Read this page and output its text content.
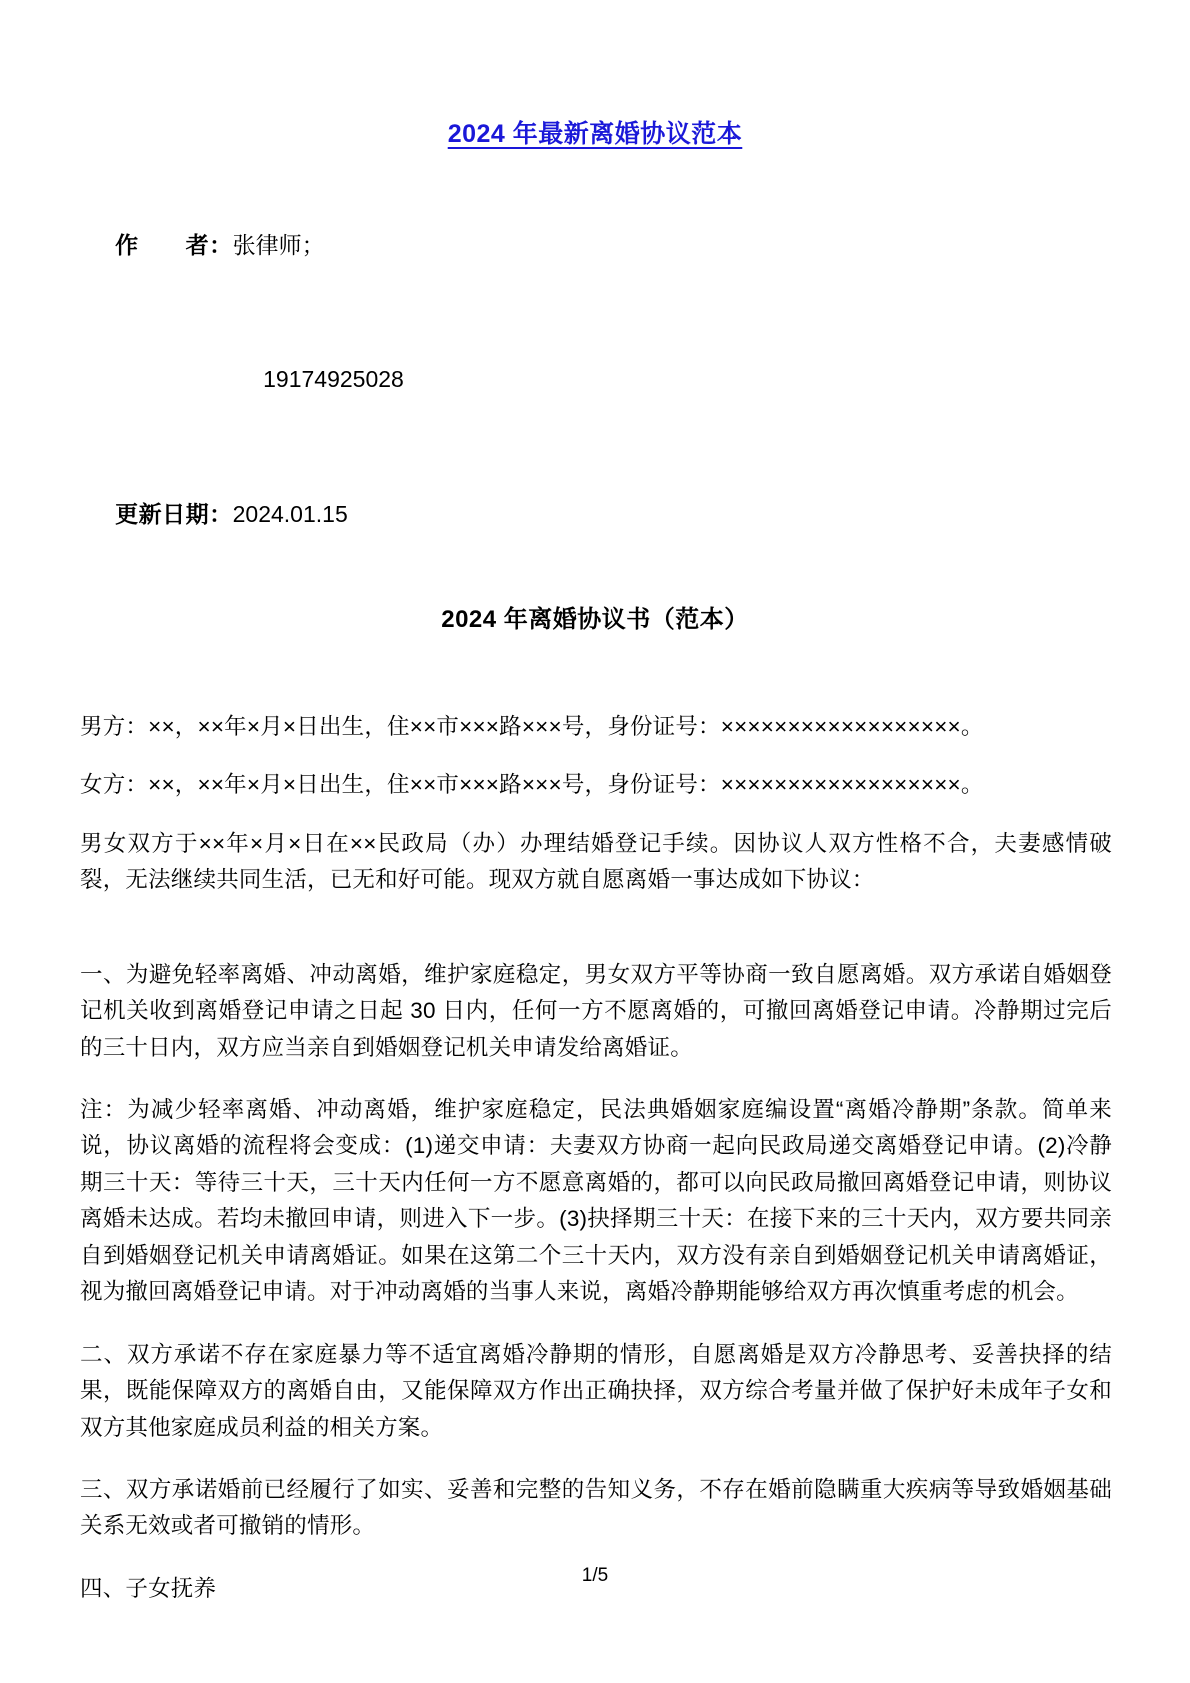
2024 年最新离婚协议范本

作　　者：张律师；

19174925028

更新日期：2024.01.15

2024 年离婚协议书（范本）

男方：××，××年×月×日出生，住××市×××路×××号，身份证号：××××××××××××××××××。

女方：××，××年×月×日出生，住××市×××路×××号，身份证号：××××××××××××××××××。

男女双方于××年×月×日在××民政局（办）办理结婚登记手续。因协议人双方性格不合，夫妻感情破裂，无法继续共同生活，已无和好可能。现双方就自愿离婚一事达成如下协议：

一、为避免轻率离婚、冲动离婚，维护家庭稳定，男女双方平等协商一致自愿离婚。双方承诺自婚姻登记机关收到离婚登记申请之日起 30 日内，任何一方不愿离婚的，可撤回离婚登记申请。冷静期过完后的三十日内，双方应当亲自到婚姻登记机关申请发给离婚证。

注：为减少轻率离婚、冲动离婚，维护家庭稳定，民法典婚姻家庭编设置“离婚冷静期”条款。简单来说，协议离婚的流程将会变成：(1)递交申请：夫妻双方协商一起向民政局递交离婚登记申请。(2)冷静期三十天：等待三十天，三十天内任何一方不愿意离婚的，都可以向民政局撤回离婚登记申请，则协议离婚未达成。若均未撤回申请，则进入下一步。(3)抉择期三十天：在接下来的三十天内，双方要共同亲自到婚姻登记机关申请离婚证。如果在这第二个三十天内，双方没有亲自到婚姻登记机关申请离婚证，视为撤回离婚登记申请。对于冲动离婚的当事人来说，离婚冷静期能够给双方再次慎重考虑的机会。

二、双方承诺不存在家庭暴力等不适宜离婚冷静期的情形，自愿离婚是双方冷静思考、妥善抉择的结果，既能保障双方的离婚自由，又能保障双方作出正确抉择，双方综合考量并做了保护好未成年子女和双方其他家庭成员利益的相关方案。

三、双方承诺婚前已经履行了如实、妥善和完整的告知义务，不存在婚前隐瞒重大疾病等导致婚姻基础关系无效或者可撤销的情形。

四、子女抚养

1/5
